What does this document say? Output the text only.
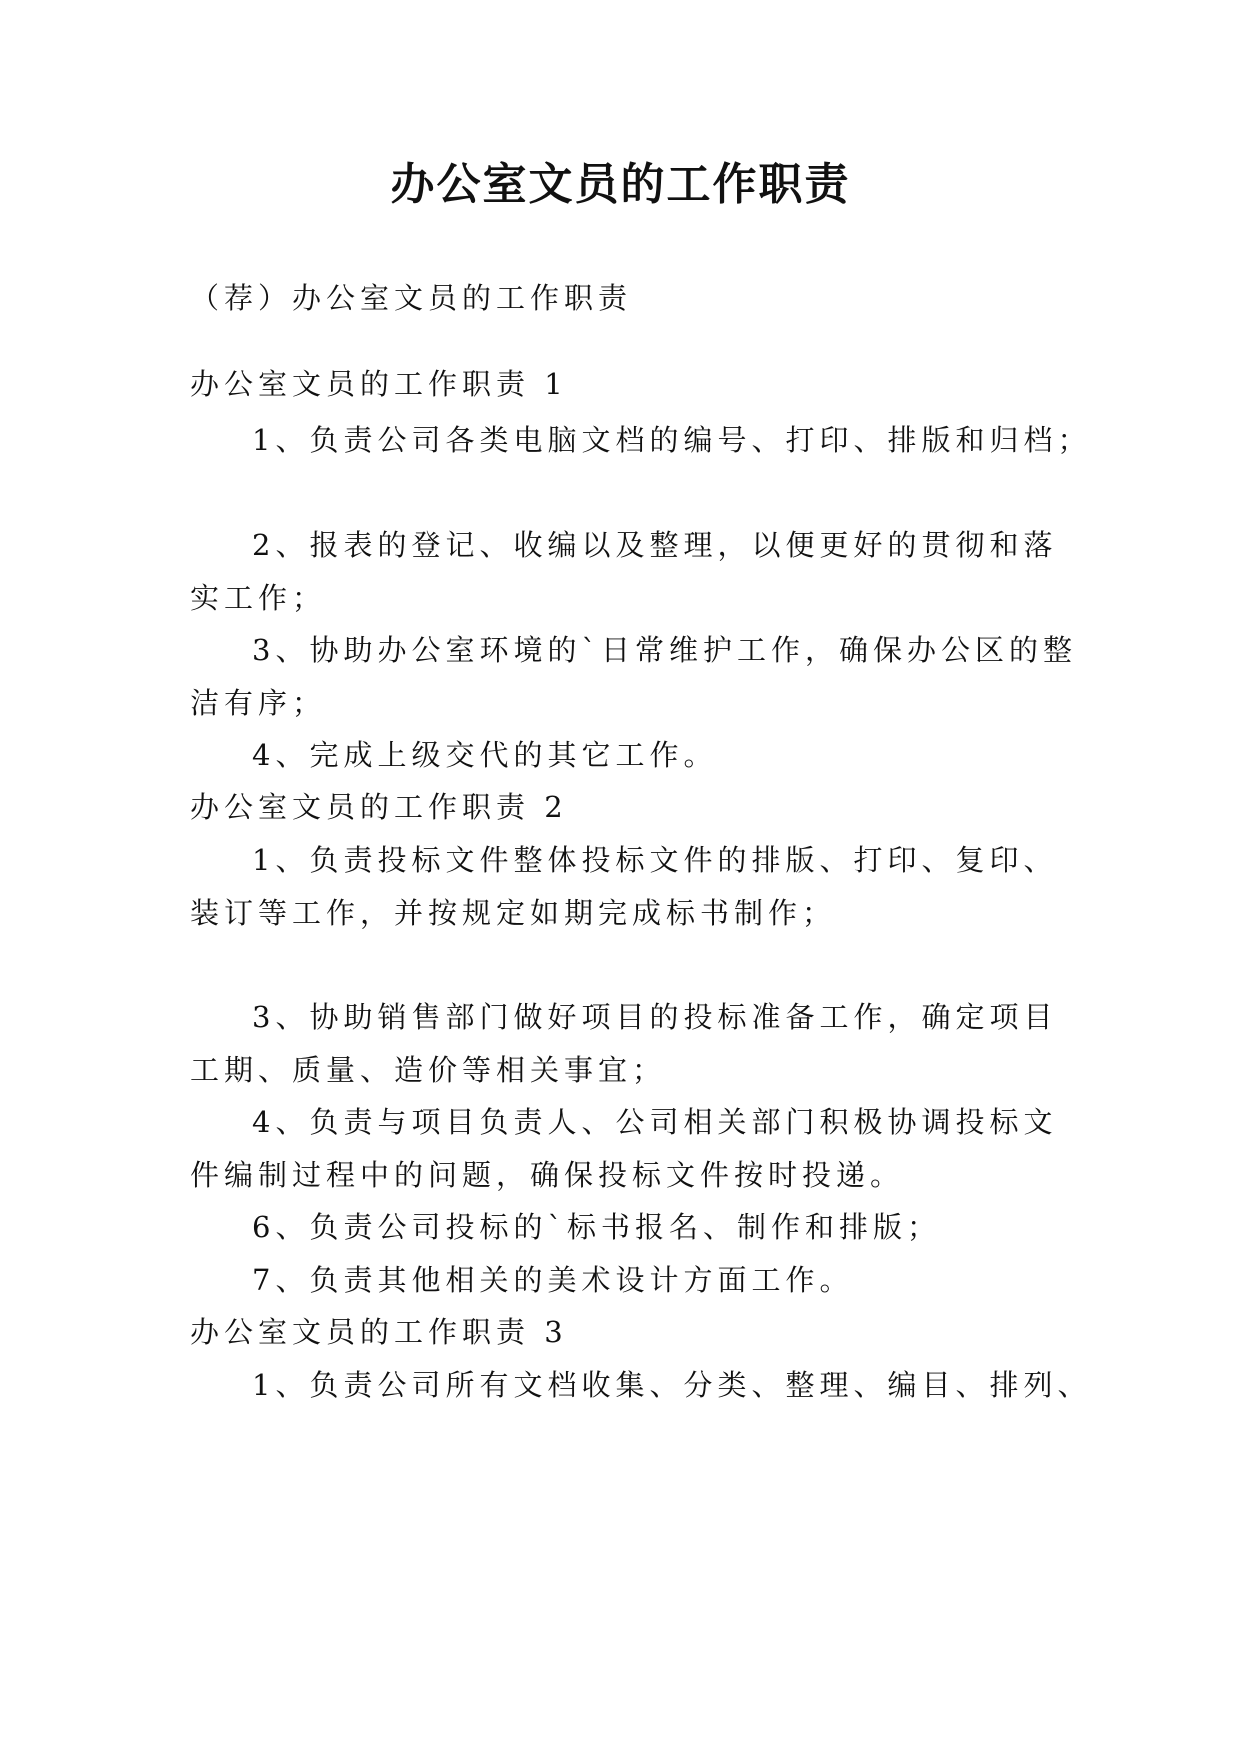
办公室文员的工作职责
（荐）办公室文员的工作职责
办公室文员的工作职责 1
1、负责公司各类电脑文档的编号、打印、排版和归档；
2、报表的登记、收编以及整理，以便更好的贯彻和落
实工作；
3、协助办公室环境的`日常维护工作，确保办公区的整
洁有序；
4、完成上级交代的其它工作。
办公室文员的工作职责 2
1、负责投标文件整体投标文件的排版、打印、复印、
装订等工作，并按规定如期完成标书制作；
3、协助销售部门做好项目的投标准备工作，确定项目
工期、质量、造价等相关事宜；
4、负责与项目负责人、公司相关部门积极协调投标文
件编制过程中的问题，确保投标文件按时投递。
6、负责公司投标的`标书报名、制作和排版；
7、负责其他相关的美术设计方面工作。
办公室文员的工作职责 3
1、负责公司所有文档收集、分类、整理、编目、排列、
